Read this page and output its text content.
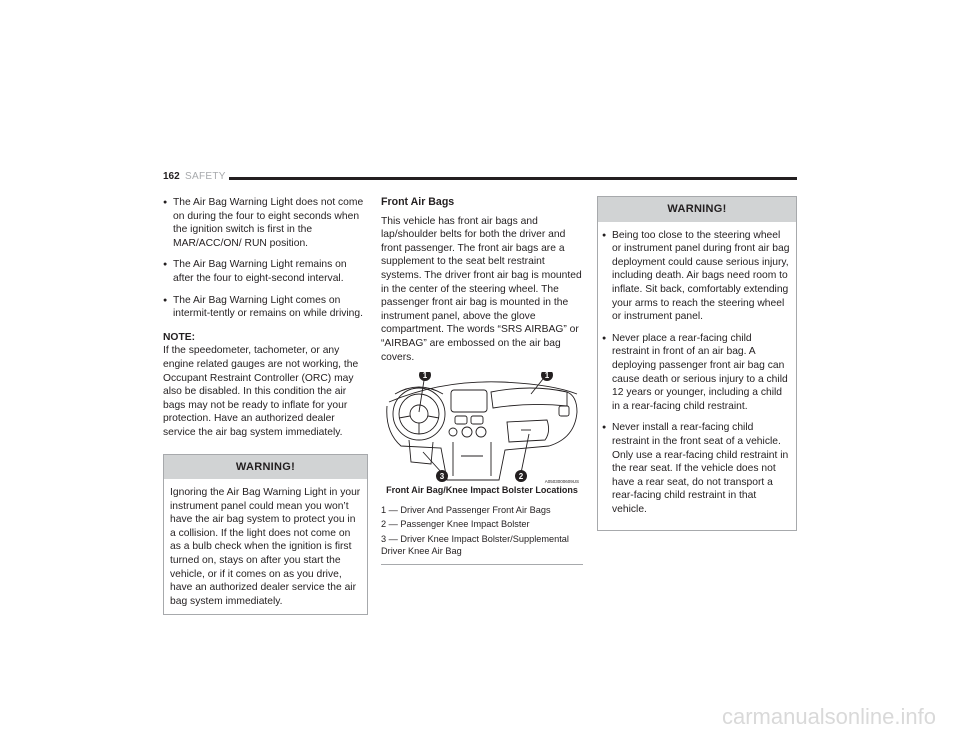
162 SAFETY
● The Air Bag Warning Light does not come on during the four to eight seconds when the ignition switch is first in the MAR/ACC/ON/ RUN position.
● The Air Bag Warning Light remains on after the four to eight-second interval.
● The Air Bag Warning Light comes on intermit-tently or remains on while driving.
NOTE:

If the speedometer, tachometer, or any engine related gauges are not working, the Occupant Restraint Controller (ORC) may also be disabled. In this condition the air bags may not be ready to inflate for your protection. Have an authorized dealer service the air bag system immediately.

WARNING!
Ignoring the Air Bag Warning Light in your instrument panel could mean you won’t have the air bag system to protect you in a collision. If the light does not come on as a bulb check when the ignition is first turned on, stays on after you start the vehicle, or if it comes on as you drive, have an authorized dealer service the air bag system immediately.
Front Air Bags

This vehicle has front air bags and lap/shoulder belts for both the driver and front passenger. The front air bags are a supplement to the seat belt restraint systems. The driver front air bag is mounted in the center of the steering wheel. The passenger front air bag is mounted in the instrument panel, above the glove compartment. The words “SRS AIRBAG” or “AIRBAG” are embossed on the air bag covers.

1	1
3	2
A0503000609US
Front Air Bag/Knee Impact Bolster Locations
1 — Driver And Passenger Front Air Bags
2 — Passenger Knee Impact Bolster
3 — Driver Knee Impact Bolster/Supplemental Driver Knee Air Bag
WARNING!
● Being too close to the steering wheel or instrument panel during front air bag deployment could cause serious injury, including death. Air bags need room to inflate. Sit back, comfortably extending your arms to reach the steering wheel or instrument panel.
● Never place a rear-facing child restraint in front of an air bag. A deploying passenger front air bag can cause death or serious injury to a child 12 years or younger, including a child in a rear-facing child restraint.
● Never install a rear-facing child restraint in the front seat of a vehicle. Only use a rear-facing child restraint in the rear seat. If the vehicle does not have a rear seat, do not transport a rear-facing child restraint in that vehicle.
carmanualsonline.info
